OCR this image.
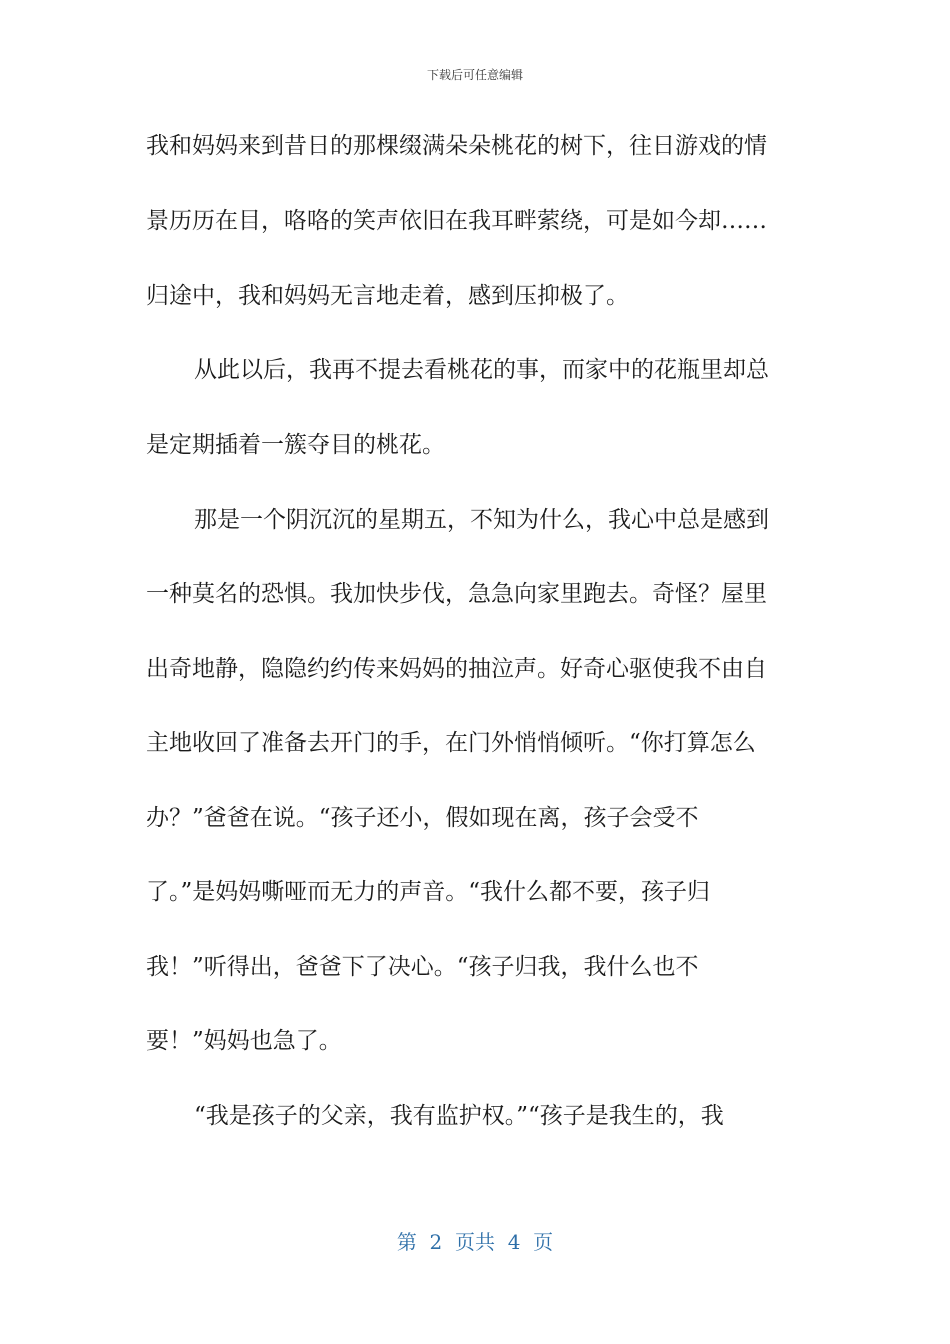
下载后可任意编辑
我和妈妈来到昔日的那棵缀满朵朵桃花的树下，往日游戏的情
景历历在目，咯咯的笑声依旧在我耳畔萦绕，可是如今却……
归途中，我和妈妈无言地走着，感到压抑极了。
从此以后，我再不提去看桃花的事，而家中的花瓶里却总
是定期插着一簇夺目的桃花。
那是一个阴沉沉的星期五，不知为什么，我心中总是感到
一种莫名的恐惧。我加快步伐，急急向家里跑去。奇怪？屋里
出奇地静，隐隐约约传来妈妈的抽泣声。好奇心驱使我不由自
主地收回了准备去开门的手，在门外悄悄倾听。“你打算怎么
办？”爸爸在说。“孩子还小，假如现在离，孩子会受不
了。”是妈妈嘶哑而无力的声音。“我什么都不要，孩子归
我！”听得出，爸爸下了决心。“孩子归我，我什么也不
要！”妈妈也急了。
“我是孩子的父亲，我有监护权。”“孩子是我生的，我
第  2  页共  4  页
